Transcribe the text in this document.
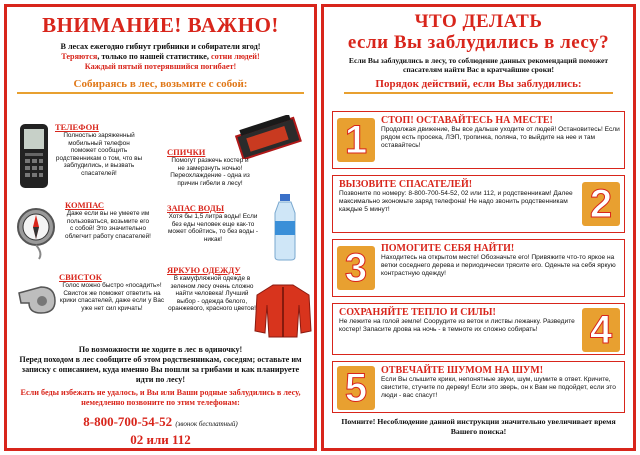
ВНИМАНИЕ! ВАЖНО!
В лесах ежегодно гибнут грибники и собиратели ягод!
Теряются, только по нашей статистике, сотни людей!
Каждый пятый потерявшийся погибает!
Собираясь в лес, возьмите с собой:
ТЕЛЕФОН
Полностью заряженный мобильный телефон поможет сообщить родственникам о том, что вы заблудились, и вызвать спасателей!
СПИЧКИ
Помогут разжечь костер и не замерзнуть ночью! Переохлаждение - одна из причин гибели в лесу!
КОМПАС
Даже если вы не умеете им пользоваться, возьмите его с собой! Это значительно облегчит работу спасателей!
ЗАПАС ВОДЫ
Хотя бы 1,5 литра воды! Если без еды человек еще как-то может обойтись, то без воды - никак!
СВИСТОК
Голос можно быстро «посадить»! Свисток же поможет ответить на крики спасателей, даже если у Вас уже нет сил кричать!
ЯРКУЮ ОДЕЖДУ
В камуфляжной одежде в зеленом лесу очень сложно найти человека! Лучший выбор - одежда белого, оранжевого, красного цветов!

По возможности не ходите в лес в одиночку!

Перед походом в лес сообщите об этом родственникам, соседям; оставьте им записку с описанием, куда именно Вы пошли за грибами и как планируете идти по лесу!

Если беды избежать не удалось, и Вы или Ваши родные заблудились в лесу, немедленно позвоните по этим телефонам:

8-800-700-54-52 (звонок бесплатный)
02 или 112
ЧТО ДЕЛАТЬ
если Вы заблудились в лесу?
Если Вы заблудились в лесу, то соблюдение данных рекомендаций поможет спасателям найти Вас в кратчайшие сроки!
Порядок действий, если Вы заблудились:
1	СТОП! ОСТАВАЙТЕСЬ НА МЕСТЕ!
Продолжая движение, Вы все дальше уходите от людей! Остановитесь! Если рядом есть просека, ЛЭП, тропинка, поляна, то выйдите на нее и там оставайтесь!
2
ВЫЗОВИТЕ СПАСАТЕЛЕЙ!
Позвоните по номеру: 8-800-700-54-52, 02 или 112, и родственникам! Далее максимально экономьте заряд телефона! Не надо звонить родственникам каждые 5 минут!
3	ПОМОГИТЕ СЕБЯ НАЙТИ!
Находитесь на открытом месте! Обозначьте его! Привяжите что-то яркое на ветки соседнего дерева и периодически трясите его. Оденьте на себя яркую контрастную одежду!
4
СОХРАНЯЙТЕ ТЕПЛО И СИЛЫ!
Не лежите на голой земле! Соорудите из веток и листвы лежанку. Разведите костер! Запасите дрова на ночь - в темноте их сложно собирать!
5	ОТВЕЧАЙТЕ ШУМОМ НА ШУМ!
Если Вы слышите крики, непонятные звуки, шум, шумите в ответ. Кричите, свистите, стучите по дереву! Если это зверь, он к Вам не подойдет, если это люди - вас спасут!
Помните! Несоблюдение данной инструкции значительно увеличивает время Вашего поиска!
